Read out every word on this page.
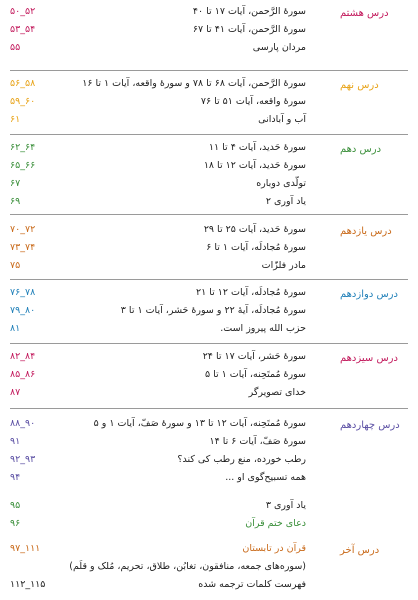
درس هشتم
سورهٔ الرَّحمن، آیات ۱۷ تا ۴۰
۵۲_۵۰
سورهٔ الرَّحمن، آیات ۴۱ تا ۶۷
۵۴_۵۳
مردان پارسی
۵۵
درس نهم
سورهٔ الرَّحمن، آیات ۶۸ تا ۷۸ و سورهٔ واقعه، آیات ۱ تا ۱۶
۵۸_۵۶
سورهٔ واقعه، آیات ۵۱ تا ۷۶
۶۰_۵۹
آب و آبادانی
۶۱
درس دهم
سورهٔ حَدید، آیات ۴ تا ۱۱
۶۴_۶۲
سورهٔ حَدید، آیات ۱۲ تا ۱۸
۶۶_۶۵
تولّدی دوباره
۶۷
یاد آوری ۲
۶۹
درس یازدهم
سورهٔ حَدید، آیات ۲۵ تا ۲۹
۷۲_۷۰
سورهٔ مُجادلَه، آیات ۱ تا ۶
۷۴_۷۳
مادر فلزّات
۷۵
درس دوازدهم
سورهٔ مُجادلَه، آیات ۱۲ تا ۲۱
۷۸_۷۶
سورهٔ مُجادلَه، آیهٔ ۲۲ و سورهٔ حَشر، آیات ۱ تا ۳
۸۰_۷۹
حزب الله پیروز است.
۸۱
درس سیزدهم
سورهٔ حَشر، آیات ۱۷ تا ۲۴
۸۴_۸۲
سورهٔ مُمتَحِنه، آیات ۱ تا ۵
۸۶_۸۵
خدای تصویرگر
۸۷
درس چهاردهم
سورهٔ مُمتَحِنه، آیات ۱۲ تا ۱۳ و سورهٔ صَفّ، آیات ۱ و ۵
۹۰_۸۸
سورهٔ صَفّ، آیات ۶ تا ۱۴
۹۱
رطب خورده، منع رطب کی کند؟
۹۳_۹۲
همه تسبیح‌گوی او ...
۹۴
یاد آوری ۳
۹۵
دعای ختم قرآن
۹۶
درس آخر
قرآن در تابستان
۱۱۱_۹۷
(سوره‌های جمعه، منافقون، تغابُن، طلاق، تحریم، مُلک و قلَم)
فهرست کلمات ترجمه شده
۱۱۵_۱۱۲
